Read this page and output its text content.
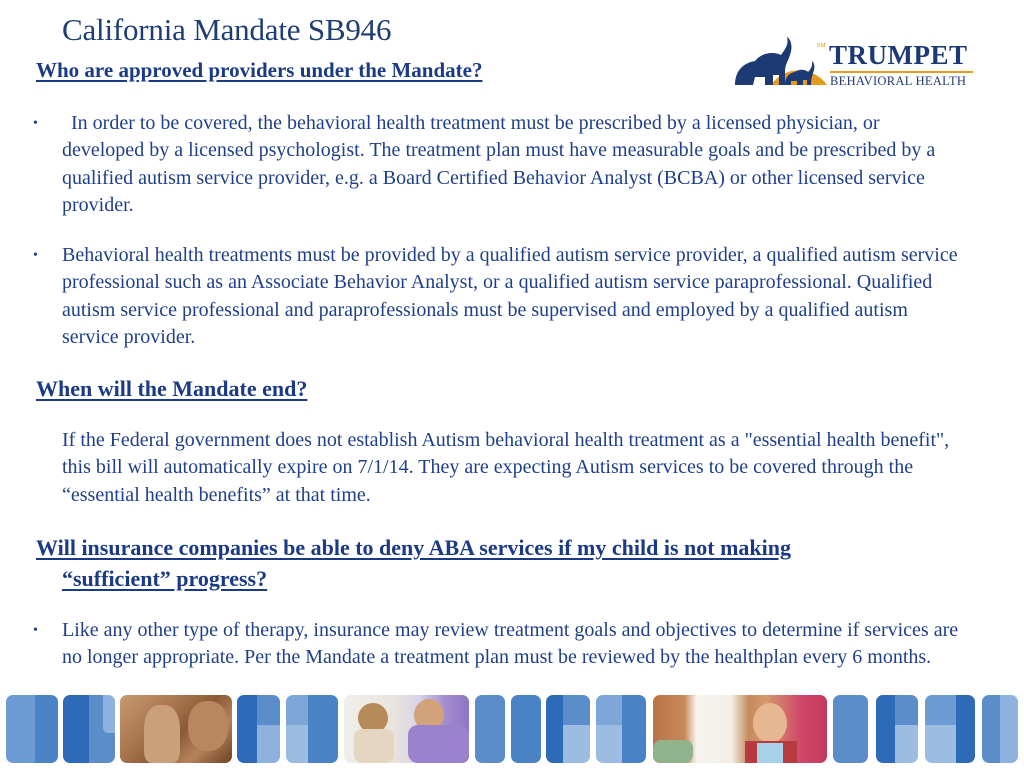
California Mandate SB946
Who are approved providers under the Mandate?
SM TRUMPET
BEHAVIORAL HEALTH
•	In order to be covered, the behavioral health treatment must be prescribed by a licensed physician, or developed by a licensed psychologist. The treatment plan must have measurable goals and be prescribed by a qualified autism service provider, e.g. a Board Certified Behavior Analyst (BCBA) or other licensed service provider.
• Behavioral health treatments must be provided by a qualified autism service provider, a qualified autism service professional such as an Associate Behavior Analyst, or a qualified autism service paraprofessional. Qualified autism service professional and paraprofessionals must be supervised and employed by a qualified autism service provider.
When will the Mandate end?
If the Federal government does not establish Autism behavioral health treatment as a "essential health benefit", this bill will automatically expire on 7/1/14. They are expecting Autism services to be covered through the “essential health benefits” at that time.
Will insurance companies be able to deny ABA services if my child is not making
“sufficient” progress?
• Like any other type of therapy, insurance may review treatment goals and objectives to determine if services are no longer appropriate. Per the Mandate a treatment plan must be reviewed by the healthplan every 6 months.
